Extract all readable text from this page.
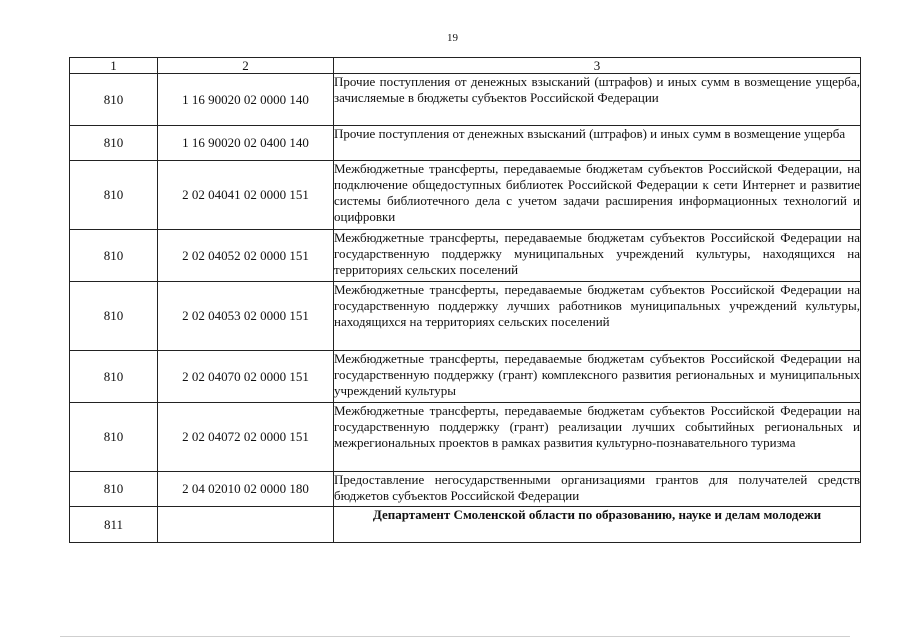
19
1	2	3
810	1 16 90020 02 0000 140	Прочие поступления от денежных взысканий (штрафов) и иных сумм в возмещение ущерба, зачисляемые в бюджеты субъектов Российской Федерации
810	1 16 90020 02 0400 140	Прочие поступления от денежных взысканий (штрафов) и иных сумм в возмещение ущерба
810	2 02 04041 02 0000 151	Межбюджетные трансферты, передаваемые бюджетам субъектов Российской Федерации, на подключение общедоступных библиотек Российской Федерации к сети Интернет и развитие системы библиотечного дела с учетом задачи расширения информационных технологий и оцифровки
810	2 02 04052 02 0000 151	Межбюджетные трансферты, передаваемые бюджетам субъектов Российской Федерации на государственную поддержку муниципальных учреждений культуры, находящихся на территориях сельских поселений
810	2 02 04053 02 0000 151	Межбюджетные трансферты, передаваемые бюджетам субъектов Российской Федерации на государственную поддержку лучших работников муниципальных учреждений культуры, находящихся на территориях сельских поселений
810	2 02 04070 02 0000 151	Межбюджетные трансферты, передаваемые бюджетам субъектов Российской Федерации на государственную поддержку (грант) комплексного развития региональных и муниципальных учреждений культуры
810	2 02 04072 02 0000 151	Межбюджетные трансферты, передаваемые бюджетам субъектов Российской Федерации на государственную поддержку (грант) реализации лучших событийных региональных и межрегиональных проектов в рамках развития культурно-познавательного туризма
810	2 04 02010 02 0000 180	Предоставление негосударственными организациями грантов для получателей средств бюджетов субъектов Российской Федерации
811		Департамент Смоленской области по образованию, науке и делам молодежи
